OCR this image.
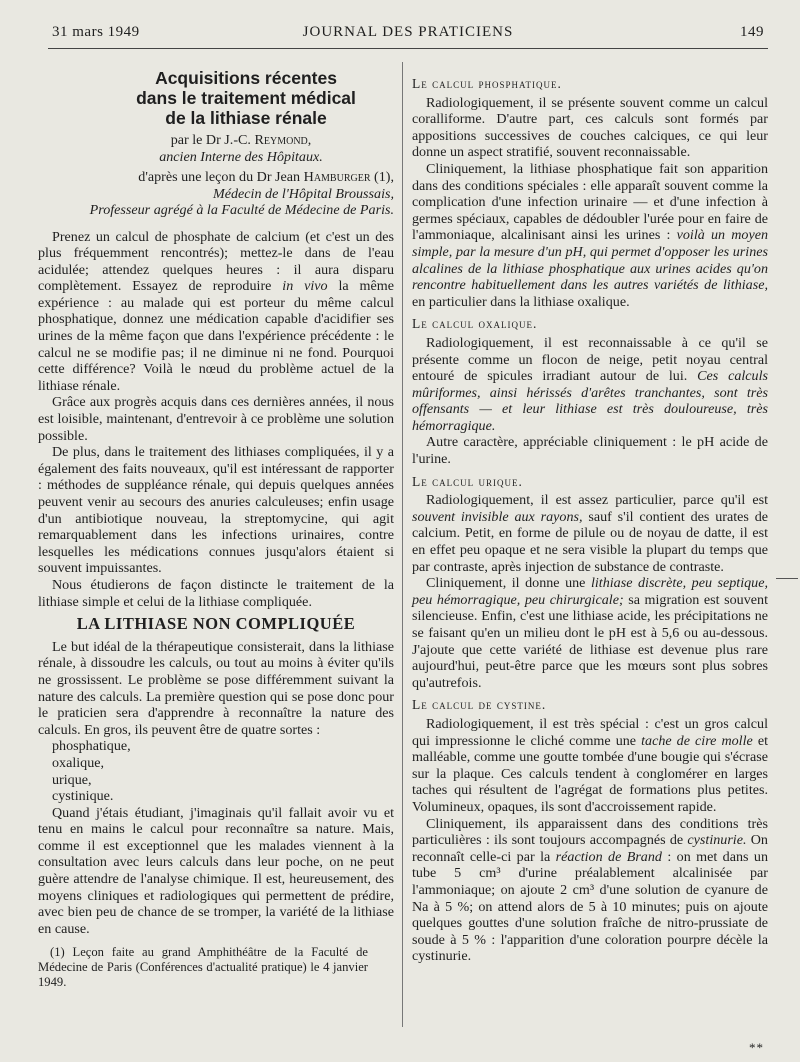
31 mars 1949	JOURNAL DES PRATICIENS	149
Acquisitions récentes
dans le traitement médical
de la lithiase rénale
par le Dr J.-C. Reymond,
ancien Interne des Hôpitaux.
d'après une leçon du Dr Jean Hamburger (1),
Médecin de l'Hôpital Broussais,
Professeur agrégé à la Faculté de Médecine de Paris.

Prenez un calcul de phosphate de calcium (et c'est un des plus fréquemment rencontrés); mettez-le dans de l'eau acidulée; attendez quelques heures : il aura disparu complètement. Essayez de reproduire in vivo la même expérience : au malade qui est porteur du même calcul phosphatique, donnez une médication capable d'acidifier ses urines de la même façon que dans l'expérience précédente : le calcul ne se modifie pas; il ne diminue ni ne fond. Pourquoi cette différence? Voilà le nœud du problème actuel de la lithiase rénale.

Grâce aux progrès acquis dans ces dernières années, il nous est loisible, maintenant, d'entrevoir à ce problème une solution possible.

De plus, dans le traitement des lithiases compliquées, il y a également des faits nouveaux, qu'il est intéressant de rapporter : méthodes de suppléance rénale, qui depuis quelques années peuvent venir au secours des anuries calculeuses; enfin usage d'un antibiotique nouveau, la streptomycine, qui agit remarquablement dans les infections urinaires, contre lesquelles les médications connues jusqu'alors étaient si souvent impuissantes.

Nous étudierons de façon distincte le traitement de la lithiase simple et celui de la lithiase compliquée.

LA LITHIASE NON COMPLIQUÉE

Le but idéal de la thérapeutique consisterait, dans la lithiase rénale, à dissoudre les calculs, ou tout au moins à éviter qu'ils ne grossissent. Le problème se pose différemment suivant la nature des calculs. La première question qui se pose donc pour le praticien sera d'apprendre à reconnaître la nature des calculs. En gros, ils peuvent être de quatre sortes :

phosphatique,
oxalique,
urique,
cystinique.

Quand j'étais étudiant, j'imaginais qu'il fallait avoir vu et tenu en mains le calcul pour reconnaître sa nature. Mais, comme il est exceptionnel que les malades viennent à la consultation avec leurs calculs dans leur poche, on ne peut guère attendre de l'analyse chimique. Il est, heureusement, des moyens cliniques et radiologiques qui permettent de prédire, avec bien peu de chance de se tromper, la variété de la lithiase en cause.

(1) Leçon faite au grand Amphithéâtre de la Faculté de Médecine de Paris (Conférences d'actualité pratique) le 4 janvier 1949.

Le calcul phosphatique.

Radiologiquement, il se présente souvent comme un calcul coralliforme. D'autre part, ces calculs sont formés par appositions successives de couches calciques, ce qui leur donne un aspect stratifié, souvent reconnaissable.

Cliniquement, la lithiase phosphatique fait son apparition dans des conditions spéciales : elle apparaît souvent comme la complication d'une infection urinaire — et d'une infection à germes spéciaux, capables de dédoubler l'urée pour en faire de l'ammoniaque, alcalinisant ainsi les urines : voilà un moyen simple, par la mesure d'un pH, qui permet d'opposer les urines alcalines de la lithiase phosphatique aux urines acides qu'on rencontre habituellement dans les autres variétés de lithiase, en particulier dans la lithiase oxalique.

Le calcul oxalique.

Radiologiquement, il est reconnaissable à ce qu'il se présente comme un flocon de neige, petit noyau central entouré de spicules irradiant autour de lui. Ces calculs mûriformes, ainsi hérissés d'arêtes tranchantes, sont très offensants — et leur lithiase est très douloureuse, très hémorragique.

Autre caractère, appréciable cliniquement : le pH acide de l'urine.

Le calcul urique.

Radiologiquement, il est assez particulier, parce qu'il est souvent invisible aux rayons, sauf s'il contient des urates de calcium. Petit, en forme de pilule ou de noyau de datte, il est en effet peu opaque et ne sera visible la plupart du temps que par contraste, après injection de substance de contraste.

Cliniquement, il donne une lithiase discrète, peu septique, peu hémorragique, peu chirurgicale; sa migration est souvent silencieuse. Enfin, c'est une lithiase acide, les précipitations ne se faisant qu'en un milieu dont le pH est à 5,6 ou au-dessous. J'ajoute que cette variété de lithiase est devenue plus rare aujourd'hui, peut-être parce que les mœurs sont plus sobres qu'autrefois.

Le calcul de cystine.

Radiologiquement, il est très spécial : c'est un gros calcul qui impressionne le cliché comme une tache de cire molle et malléable, comme une goutte tombée d'une bougie qui s'écrase sur la plaque. Ces calculs tendent à conglomérer en larges taches qui résultent de l'agrégat de formations plus petites. Volumineux, opaques, ils sont d'accroissement rapide.

Cliniquement, ils apparaissent dans des conditions très particulières : ils sont toujours accompagnés de cystinurie. On reconnaît celle-ci par la réaction de Brand : on met dans un tube 5 cm³ d'urine préalablement alcalinisée par l'ammoniaque; on ajoute 2 cm³ d'une solution de cyanure de Na à 5 %; on attend alors de 5 à 10 minutes; puis on ajoute quelques gouttes d'une solution fraîche de nitro-prussiate de soude à 5 % : l'apparition d'une coloration pourpre décèle la cystinurie.

**
